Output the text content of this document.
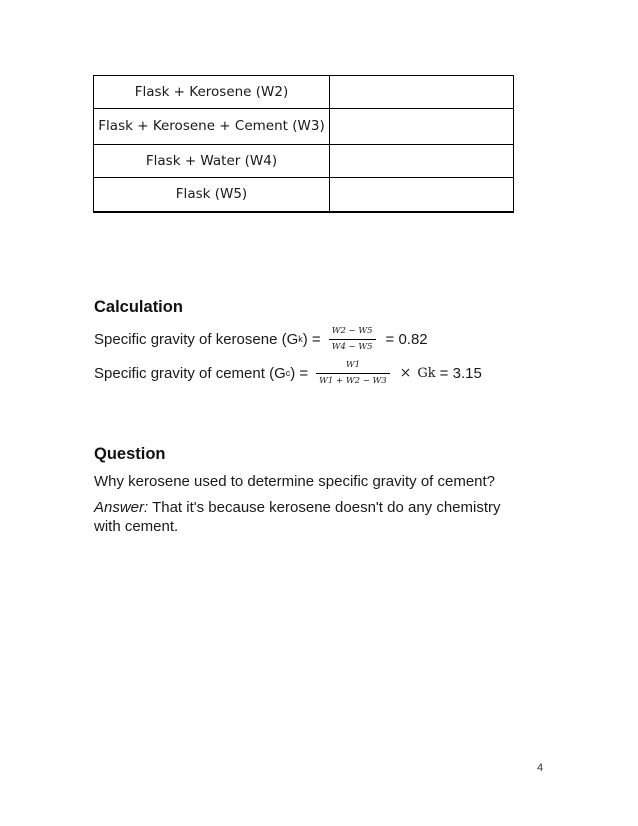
Flask + Kerosene (W2)	
Flask + Kerosene + Cement (W3)	
Flask + Water (W4)	
Flask (W5)	
Calculation
Specific gravity of kerosene (G k ) = $\frac{W2 - W5}{W4 - W5} = 0.82$
Specific gravity of cement (G c ) = $\frac{W1}{W1 + W2 - W3} \times Gk = 3.15$
Question

Why kerosene used to determine specific gravity of cement?

Answer: That it's because kerosene doesn't do any chemistry with cement.

4
